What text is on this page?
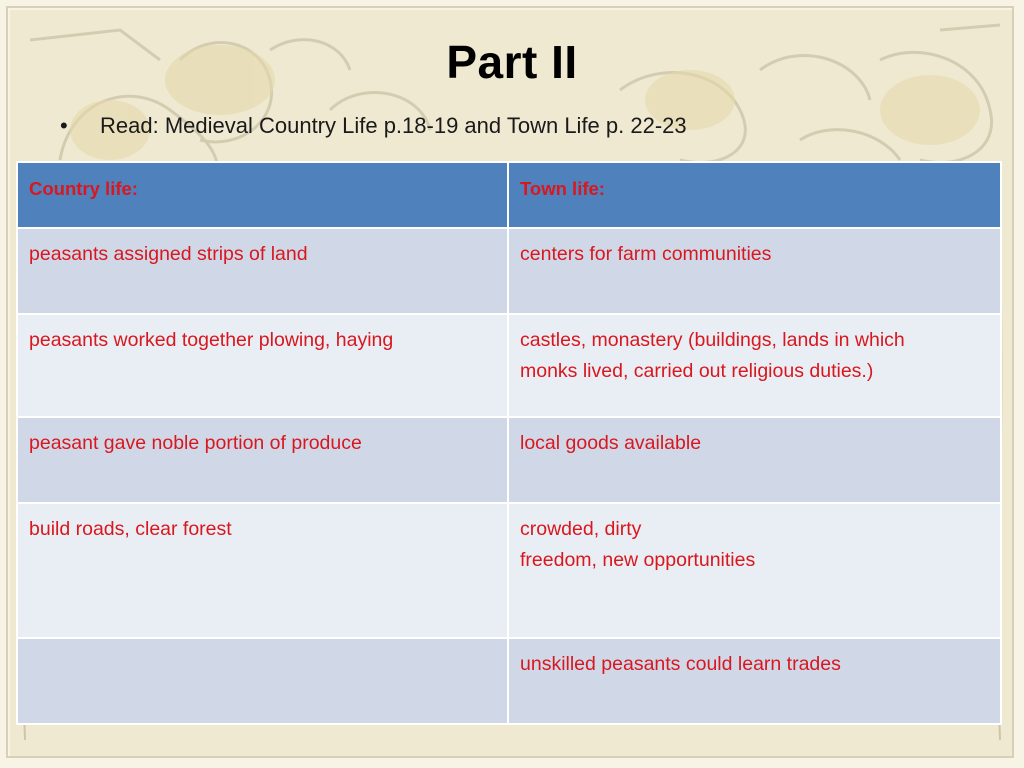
Part II
•	Read: Medieval Country Life p.18-19 and Town Life p. 22-23
Country life:	Town life:

peasants assigned strips of land	centers for farm communities

peasants worked together plowing, haying	castles, monastery (buildings, lands in which
monks lived, carried out religious duties.)

peasant gave noble portion of produce	local goods available

build roads, clear forest	crowded, dirty
freedom, new opportunities

	unskilled peasants could learn trades
